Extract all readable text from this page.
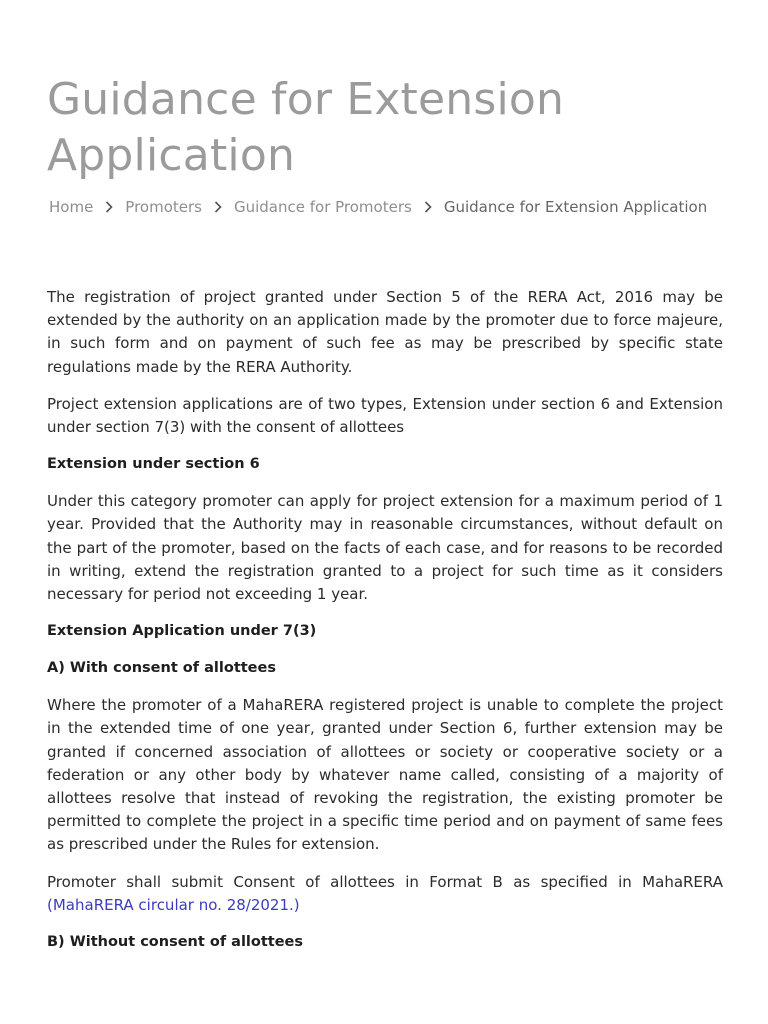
Guidance for Extension Application
Home Promoters Guidance for Promoters Guidance for Extension Application

The registration of project granted under Section 5 of the RERA Act, 2016 may be extended by the authority on an application made by the promoter due to force majeure, in such form and on payment of such fee as may be prescribed by specific state regulations made by the RERA Authority.

Project extension applications are of two types, Extension under section 6 and Extension under section 7(3) with the consent of allottees

Extension under section 6

Under this category promoter can apply for project extension for a maximum period of 1 year. Provided that the Authority may in reasonable circumstances, without default on the part of the promoter, based on the facts of each case, and for reasons to be recorded in writing, extend the registration granted to a project for such time as it considers necessary for period not exceeding 1 year.

Extension Application under 7(3)

A) With consent of allottees

Where the promoter of a MahaRERA registered project is unable to complete the project in the extended time of one year, granted under Section 6, further extension may be granted if concerned association of allottees or society or cooperative society or a federation or any other body by whatever name called, consisting of a majority of allottees resolve that instead of revoking the registration, the existing promoter be permitted to complete the project in a specific time period and on payment of same fees as prescribed under the Rules for extension.

Promoter shall submit Consent of allottees in Format B as specified in MahaRERA (MahaRERA circular no. 28/2021.)

B) Without consent of allottees
